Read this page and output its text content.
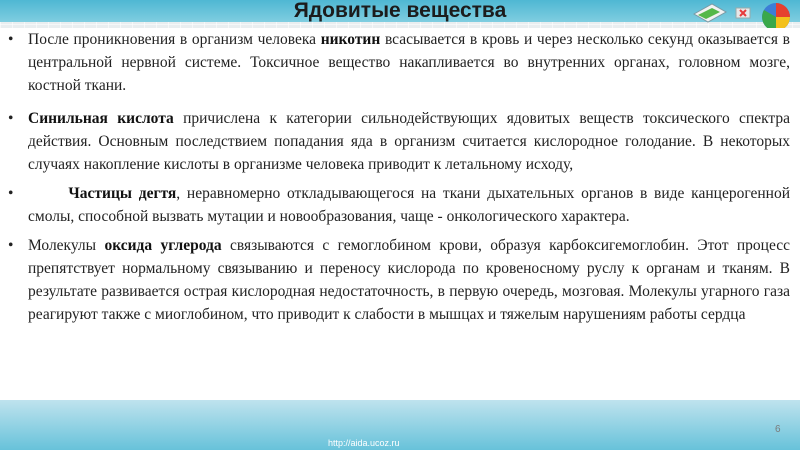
Ядовитые вещества

• После проникновения в организм человека никотин всасывается в кровь и через несколько секунд оказывается в центральной нервной системе. Токсичное вещество накапливается во внутренних органах, головном мозге, костной ткани.

• Синильная кислота причислена к категории сильнодействующих ядовитых веществ токсического спектра действия. Основным последствием попадания яда в организм считается кислородное голодание. В некоторых случаях накопление кислоты в организме человека приводит к летальному исходу,

•	Частицы дегтя, неравномерно откладывающегося на ткани дыхательных органов в виде канцерогенной смолы, способной вызвать мутации и новообразования, чаще - онкологического характера.

• Молекулы оксида углерода связываются с гемоглобином крови, образуя карбоксигемоглобин. Этот процесс препятствует нормальному связыванию и переносу кислорода по кровеносному руслу к органам и тканям. В результате развивается острая кислородная недостаточность, в первую очередь, мозговая. Молекулы угарного газа реагируют также с миоглобином, что приводит к слабости в мышцах и тяжелым нарушениям работы сердца

http://aida.ucoz.ru
6
